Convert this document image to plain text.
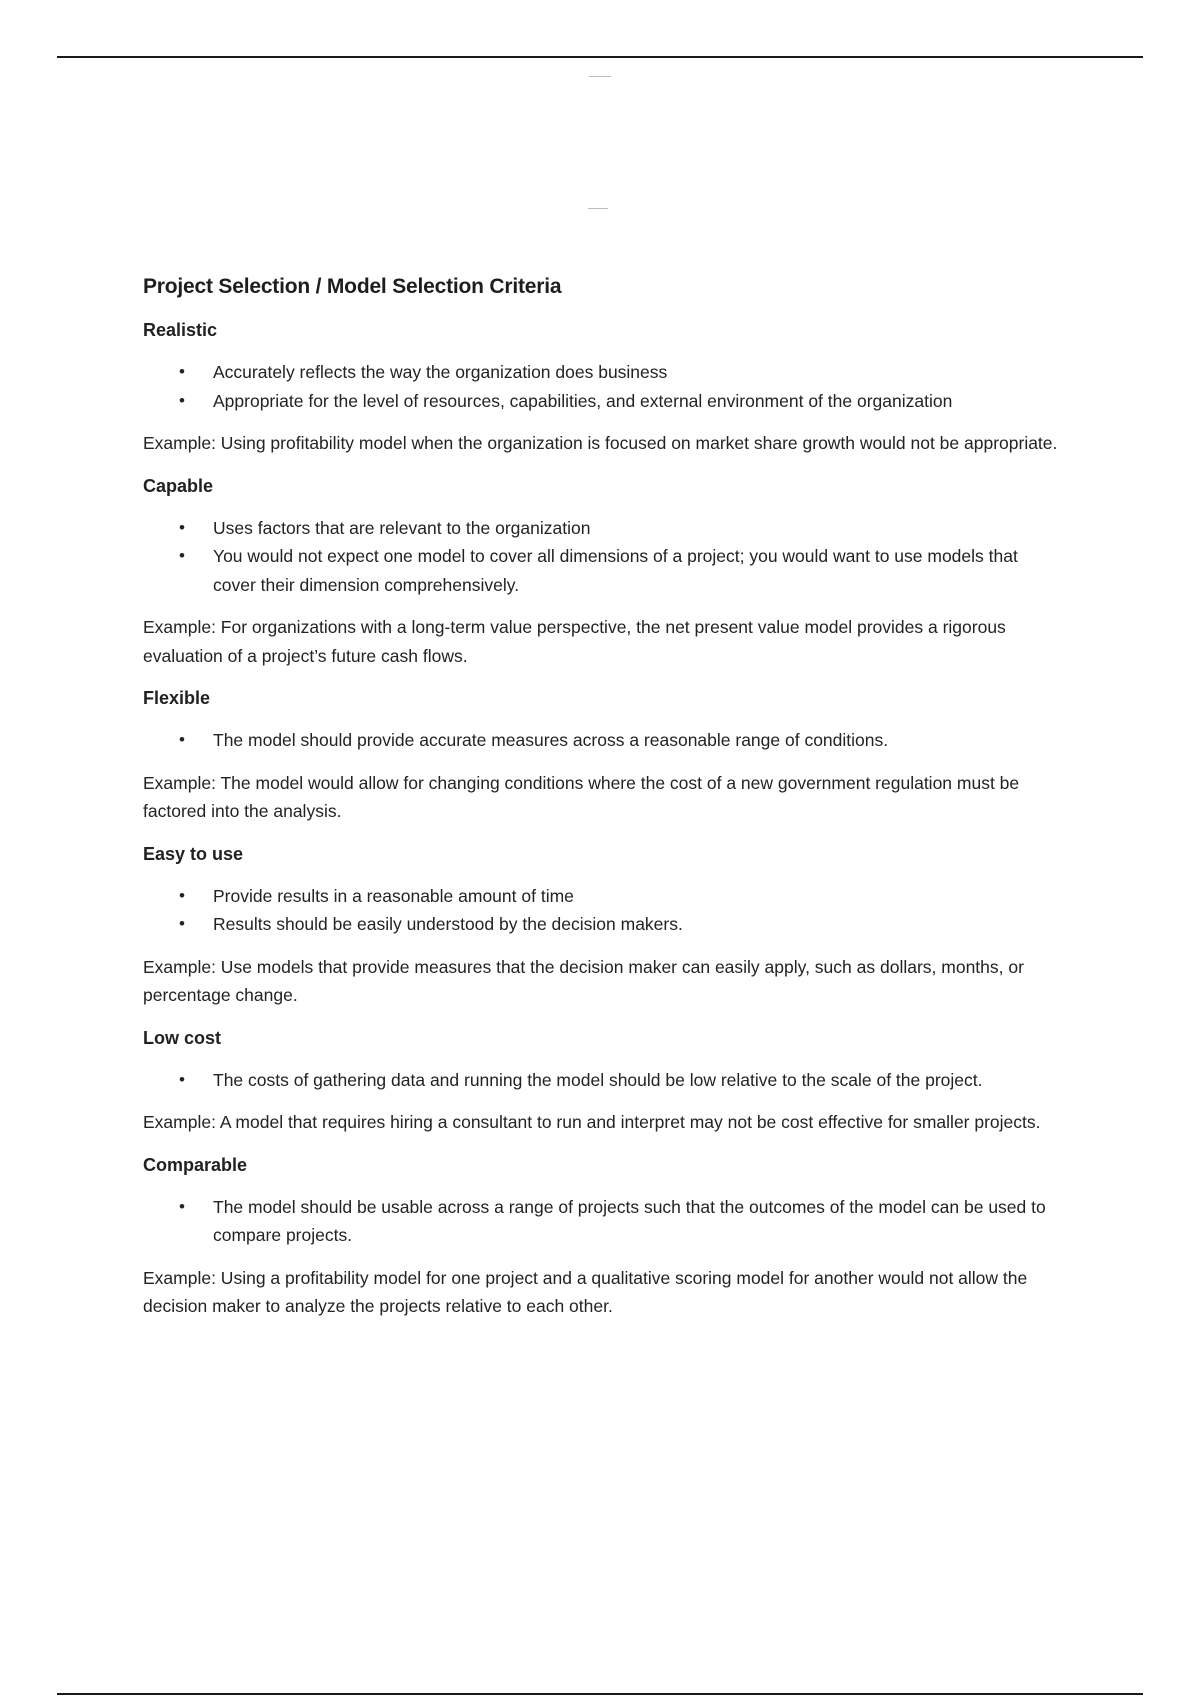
Project Selection / Model Selection Criteria
Realistic
• Accurately reflects the way the organization does business
• Appropriate for the level of resources, capabilities, and external environment of the organization

Example: Using profitability model when the organization is focused on market share growth would not be appropriate.

Capable
• Uses factors that are relevant to the organization
• You would not expect one model to cover all dimensions of a project; you would want to use models that cover their dimension comprehensively.

Example: For organizations with a long-term value perspective, the net present value model provides a rigorous evaluation of a project’s future cash flows.

Flexible
• The model should provide accurate measures across a reasonable range of conditions.

Example: The model would allow for changing conditions where the cost of a new government regulation must be factored into the analysis.

Easy to use
• Provide results in a reasonable amount of time
• Results should be easily understood by the decision makers.

Example: Use models that provide measures that the decision maker can easily apply, such as dollars, months, or percentage change.

Low cost
• The costs of gathering data and running the model should be low relative to the scale of the project.

Example: A model that requires hiring a consultant to run and interpret may not be cost effective for smaller projects.

Comparable
• The model should be usable across a range of projects such that the outcomes of the model can be used to compare projects.

Example: Using a profitability model for one project and a qualitative scoring model for another would not allow the decision maker to analyze the projects relative to each other.
